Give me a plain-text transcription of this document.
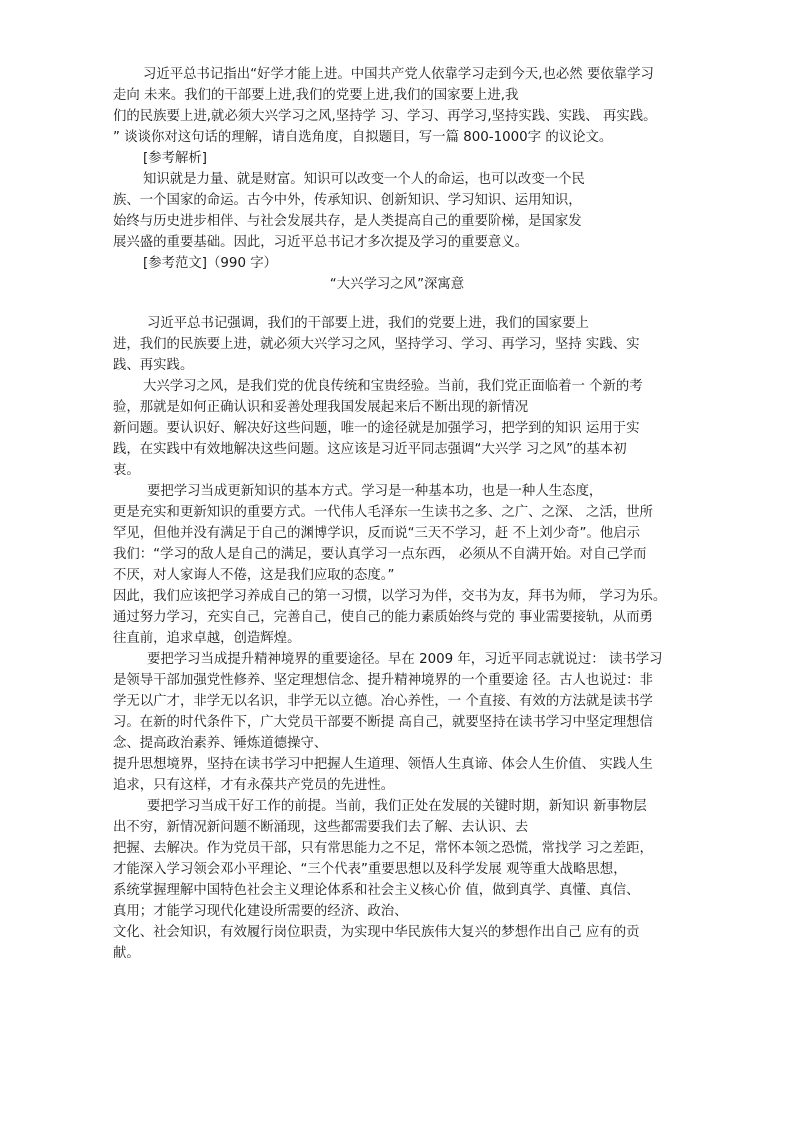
习近平总书记指出“好学才能上进。中国共产党人依靠学习走到今天,也必然 要依靠学习
走向 未来。我们的干部要上进,我们的党要上进,我们的国家要上进,我
们的民族要上进,就必须大兴学习之风,坚持学 习、学习、再学习,坚持实践、实践、 再实践。
” 谈谈你对这句话的理解，请自选角度，自拟题目，写一篇 800-1000字 的议论文。
[参考解析]
知识就是力量、就是财富。知识可以改变一个人的命运，也可以改变一个民
族、一个国家的命运。古今中外，传承知识、创新知识、学习知识、运用知识，
始终与历史进步相伴、与社会发展共存，是人类提高自己的重要阶梯，是国家发
展兴盛的重要基础。因此，习近平总书记才多次提及学习的重要意义。
[参考范文]（990 字）
“大兴学习之风”深寓意
习近平总书记强调，我们的干部要上进，我们的党要上进，我们的国家要上
进，我们的民族要上进，就必须大兴学习之风，坚持学习、学习、再学习，坚持 实践、实
践、再实践。
大兴学习之风，是我们党的优良传统和宝贵经验。当前，我们党正面临着一 个新的考
验，那就是如何正确认识和妥善处理我国发展起来后不断出现的新情况
新问题。要认识好、解决好这些问题，唯一的途径就是加强学习，把学到的知识 运用于实
践，在实践中有效地解决这些问题。这应该是习近平同志强调“大兴学 习之风”的基本初
衷。
要把学习当成更新知识的基本方式。学习是一种基本功，也是一种人生态度，
更是充实和更新知识的重要方式。一代伟人毛泽东一生读书之多、之广、之深、 之活，世所
罕见，但他并没有满足于自己的渊博学识，反而说“三天不学习，赶 不上刘少奇”。他启示
我们：“学习的敌人是自己的满足，要认真学习一点东西， 必须从不自满开始。对自己学而
不厌，对人家诲人不倦，这是我们应取的态度。”
因此，我们应该把学习养成自己的第一习惯，以学习为伴，交书为友，拜书为师， 学习为乐。
通过努力学习，充实自己，完善自己，使自己的能力素质始终与党的 事业需要接轨，从而勇
往直前，追求卓越，创造辉煌。
要把学习当成提升精神境界的重要途径。早在 2009 年，习近平同志就说过： 读书学习
是领导干部加强党性修养、坚定理想信念、提升精神境界的一个重要途 径。古人也说过：非
学无以广才，非学无以名识，非学无以立德。冶心养性，一 个直接、有效的方法就是读书学
习。在新的时代条件下，广大党员干部要不断提 高自己，就要坚持在读书学习中坚定理想信
念、提高政治素养、锤炼道德操守、
提升思想境界，坚持在读书学习中把握人生道理、领悟人生真谛、体会人生价值、 实践人生
追求，只有这样，才有永葆共产党员的先进性。
要把学习当成干好工作的前提。当前，我们正处在发展的关键时期，新知识 新事物层
出不穷，新情况新问题不断涌现，这些都需要我们去了解、去认识、去
把握、去解决。作为党员干部，只有常思能力之不足，常怀本领之恐慌，常找学 习之差距，
才能深入学习领会邓小平理论、“三个代表”重要思想以及科学发展 观等重大战略思想，
系统掌握理解中国特色社会主义理论体系和社会主义核心价 值，做到真学、真懂、真信、
真用；才能学习现代化建设所需要的经济、政治、
文化、社会知识，有效履行岗位职责，为实现中华民族伟大复兴的梦想作出自己 应有的贡
献。
